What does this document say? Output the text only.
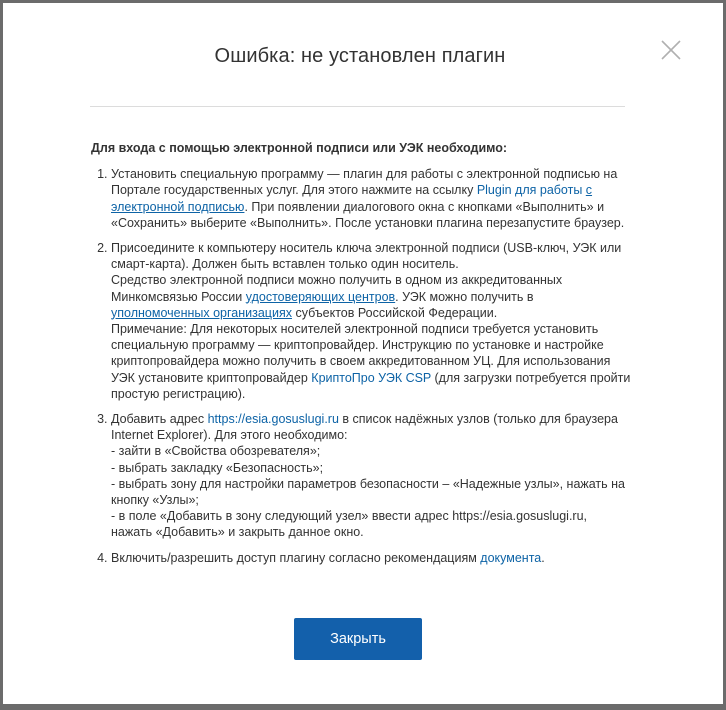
Ошибка: не установлен плагин

Для входа с помощью электронной подписи или УЭК необходимо:

1. Установить специальную программу — плагин для работы с электронной подписью на Портале государственных услуг. Для этого нажмите на ссылку Plugin для работы с электронной подписью. При появлении диалогового окна с кнопками «Выполнить» и «Сохранить» выберите «Выполнить». После установки плагина перезапустите браузер.
2. Присоедините к компьютеру носитель ключа электронной подписи (USB-ключ, УЭК или смарт-карта). Должен быть вставлен только один носитель.
Средство электронной подписи можно получить в одном из аккредитованных Минкомсвязью России удостоверяющих центров. УЭК можно получить в уполномоченных организациях субъектов Российской Федерации.
Примечание: Для некоторых носителей электронной подписи требуется установить специальную программу — криптопровайдер. Инструкцию по установке и настройке криптопровайдера можно получить в своем аккредитованном УЦ. Для использования УЭК установите криптопровайдер КриптоПро УЭК CSP (для загрузки потребуется пройти простую регистрацию).
3. Добавить адрес https://esia.gosuslugi.ru в список надёжных узлов (только для браузера Internet Explorer). Для этого необходимо:
- зайти в «Свойства обозревателя»;
- выбрать закладку «Безопасность»;
- выбрать зону для настройки параметров безопасности – «Надежные узлы», нажать на кнопку «Узлы»;
- в поле «Добавить в зону следующий узел» ввести адрес https://esia.gosuslugi.ru, нажать «Добавить» и закрыть данное окно.
4. Включить/разрешить доступ плагину согласно рекомендациям документа.
Закрыть
